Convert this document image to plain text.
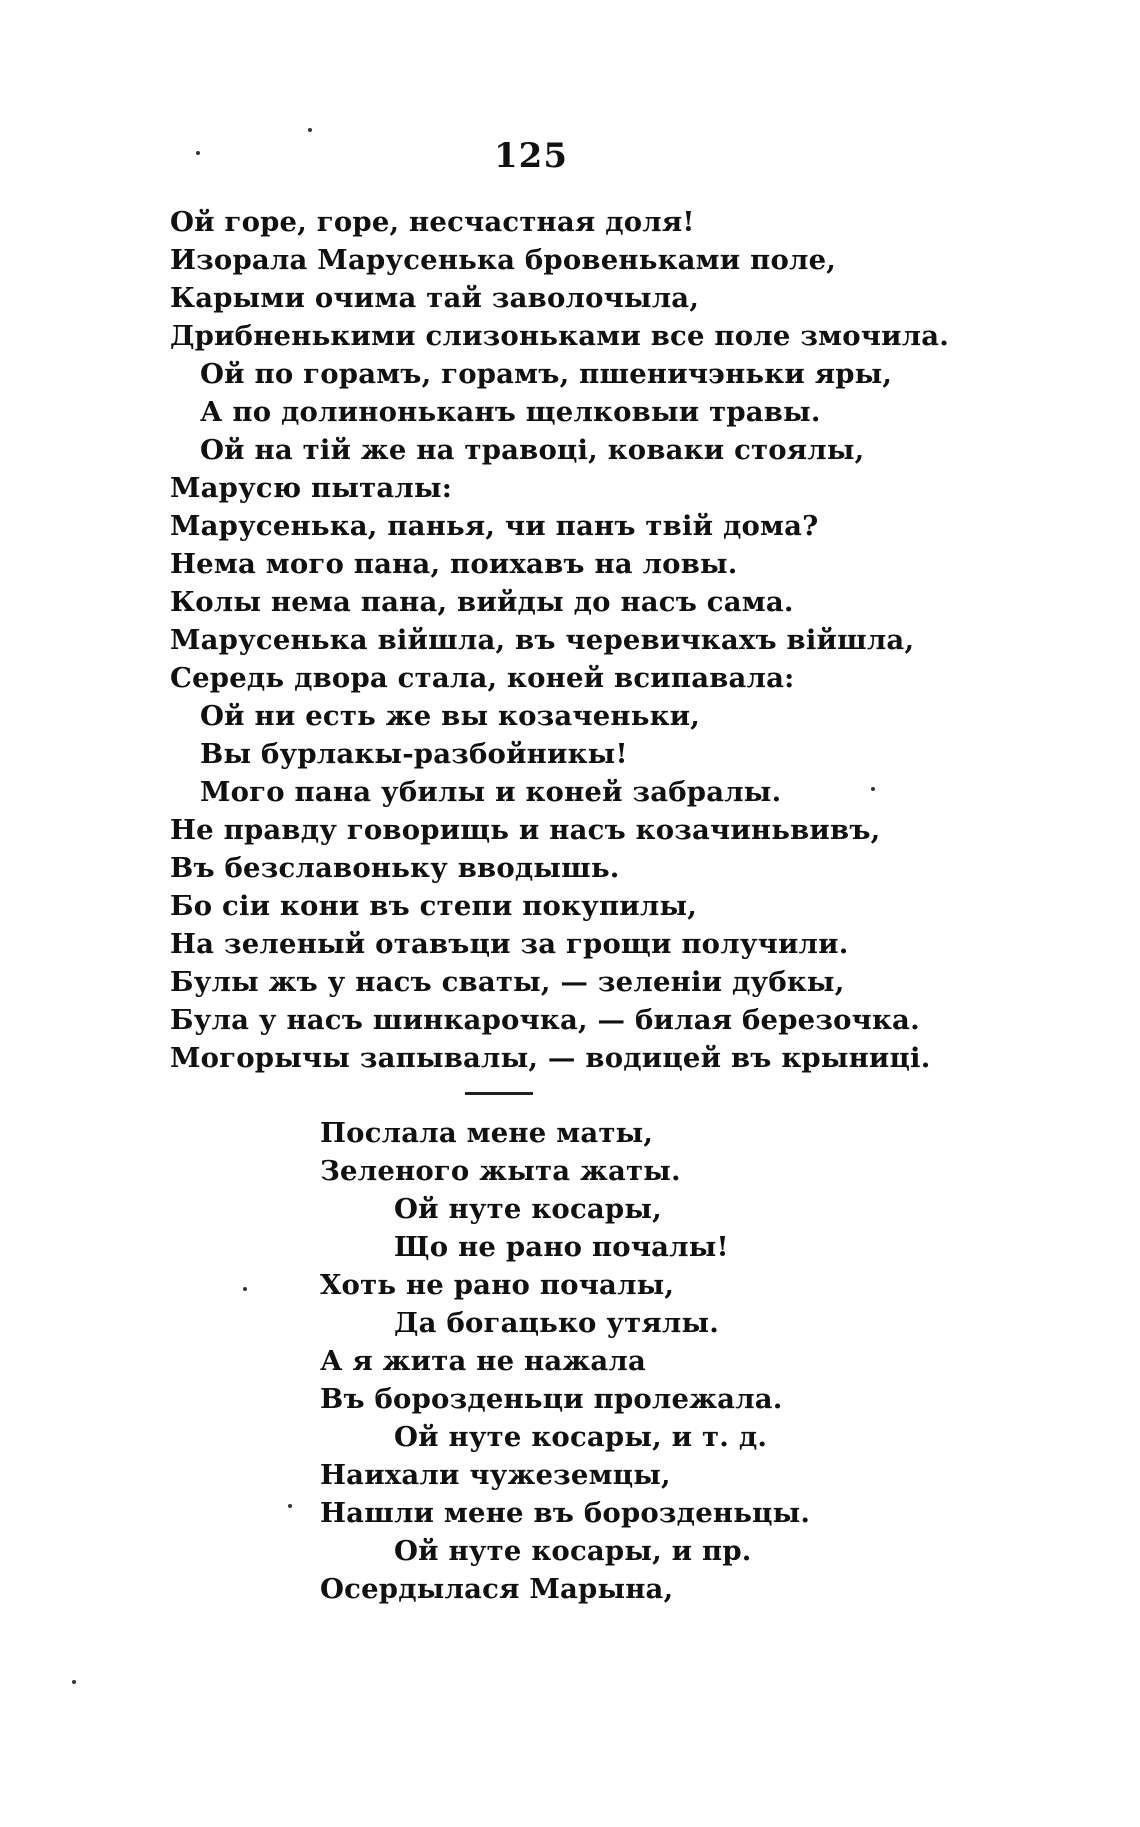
125
Ой горе, горе, несчастная доля!
Изорала Марусенька бровеньками поле,
Карыми очима тай заволочыла,
Дрибненькими слизоньками все поле змочила.
Ой по горамъ, горамъ, пшеничэньки яры,
А по долиноньканъ щелковыи травы.
Ой на тій же на травоцi, коваки стоялы,
Марусю пыталы:
Марусенька, панья, чи панъ твій дома?
Нема мого пана, поихавъ на ловы.
Колы нема пана, вийды до насъ сама.
Марусенька вiйшла, въ черевичкахъ вiйшла,
Середь двора стала, коней всипавала:
Ой ни есть же вы козаченьки,
Вы бурлакы-разбойникы!
Мого пана убилы и коней забралы.
Не правду говорищь и насъ козачиньвивъ,
Въ безславоньку вводышь.
Бо сiи кони въ степи покупилы,
На зеленый отавъци за грощи получили.
Булы жъ у насъ сваты, — зеленіи дубкы,
Була у насъ шинкарочка, — билая березочка.
Могорычы запывалы, — водицей въ крыницi.
Послала мене маты,
Зеленого жыта жаты.
Ой нуте косары,
Що не рано почалы!
Хоть не рано почалы,
Да богацько утялы.
А я жита не нажала
Въ борозденьци пролежала.
Ой нуте косары, и т. д.
Наихали чужеземцы,
Нашли мене въ борозденьцы.
Ой нуте косары, и пр.
Осердылася Марына,
